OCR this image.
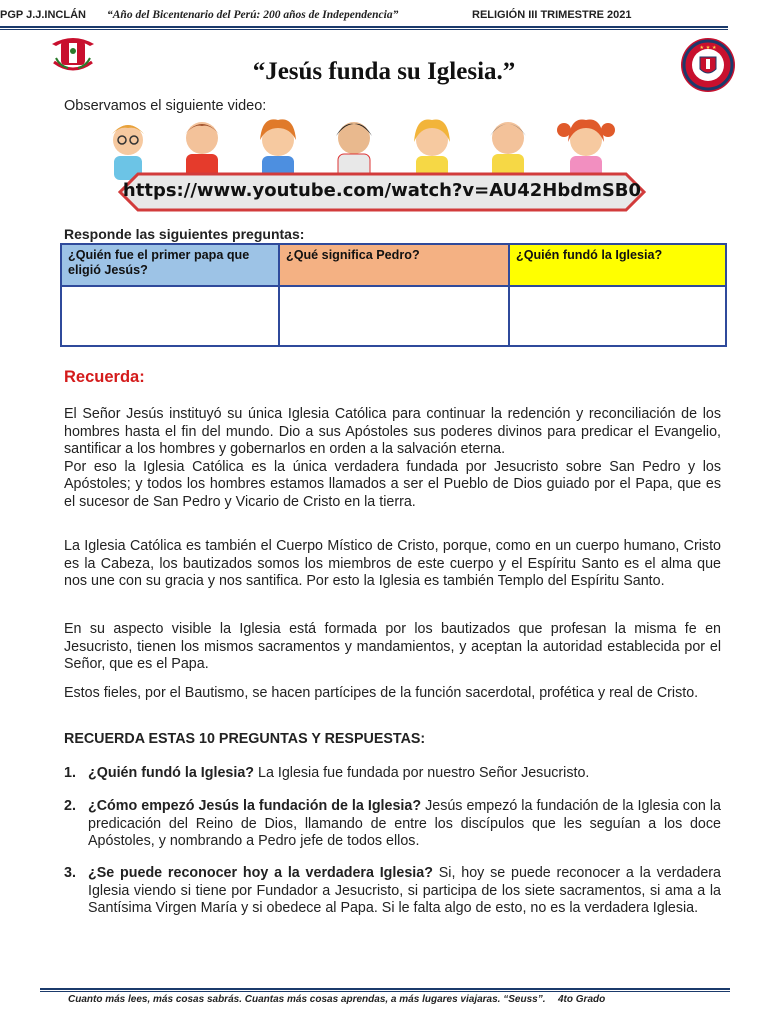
PGP J.J.INCLÁN “Año del Bicentenario del Perú: 200 años de Independencia”	RELIGIÓN III TRIMESTRE 2021
★ ★ ★
“Jesús funda su Iglesia.”
Observamos el siguiente video:
https://www.youtube.com/watch?v=AU42HbdmSB0
Responde las siguientes preguntas:
¿Quién fue el primer papa que eligió Jesús?
¿Qué significa Pedro?	¿Quién fundó la Iglesia?
Recuerda:
El Señor Jesús instituyó su única Iglesia Católica para continuar la redención y reconciliación de los hombres hasta el fin del mundo. Dio a sus Apóstoles sus poderes divinos para predicar el Evangelio, santificar a los hombres y gobernarlos en orden a la salvación eterna.
Por eso la Iglesia Católica es la única verdadera fundada por Jesucristo sobre San Pedro y los Apóstoles; y todos los hombres estamos llamados a ser el Pueblo de Dios guiado por el Papa, que es el sucesor de San Pedro y Vicario de Cristo en la tierra.
La Iglesia Católica es también el Cuerpo Místico de Cristo, porque, como en un cuerpo humano, Cristo es la Cabeza, los bautizados somos los miembros de este cuerpo y el Espíritu Santo es el alma que nos une con su gracia y nos santifica. Por esto la Iglesia es también Templo del Espíritu Santo.
En su aspecto visible la Iglesia está formada por los bautizados que profesan la misma fe en Jesucristo, tienen los mismos sacramentos y mandamientos, y aceptan la autoridad establecida por el Señor, que es el Papa.
Estos fieles, por el Bautismo, se hacen partícipes de la función sacerdotal, profética y real de Cristo.
RECUERDA ESTAS 10 PREGUNTAS Y RESPUESTAS:
1. ¿Quién fundó la Iglesia? La Iglesia fue fundada por nuestro Señor Jesucristo.
2. ¿Cómo empezó Jesús la fundación de la Iglesia? Jesús empezó la fundación de la Iglesia con la predicación del Reino de Dios, llamando de entre los discípulos que les seguían a los doce Apóstoles, y nombrando a Pedro jefe de todos ellos.
3. ¿Se puede reconocer hoy a la verdadera Iglesia? Si, hoy se puede reconocer a la verdadera Iglesia viendo si tiene por Fundador a Jesucristo, si participa de los siete sacramentos, si ama a la Santísima Virgen María y si obedece al Papa. Si le falta algo de esto, no es la verdadera Iglesia.
Cuanto más lees, más cosas sabrás. Cuantas más cosas aprendas, a más lugares viajaras. “Seuss”. 4to Grado
